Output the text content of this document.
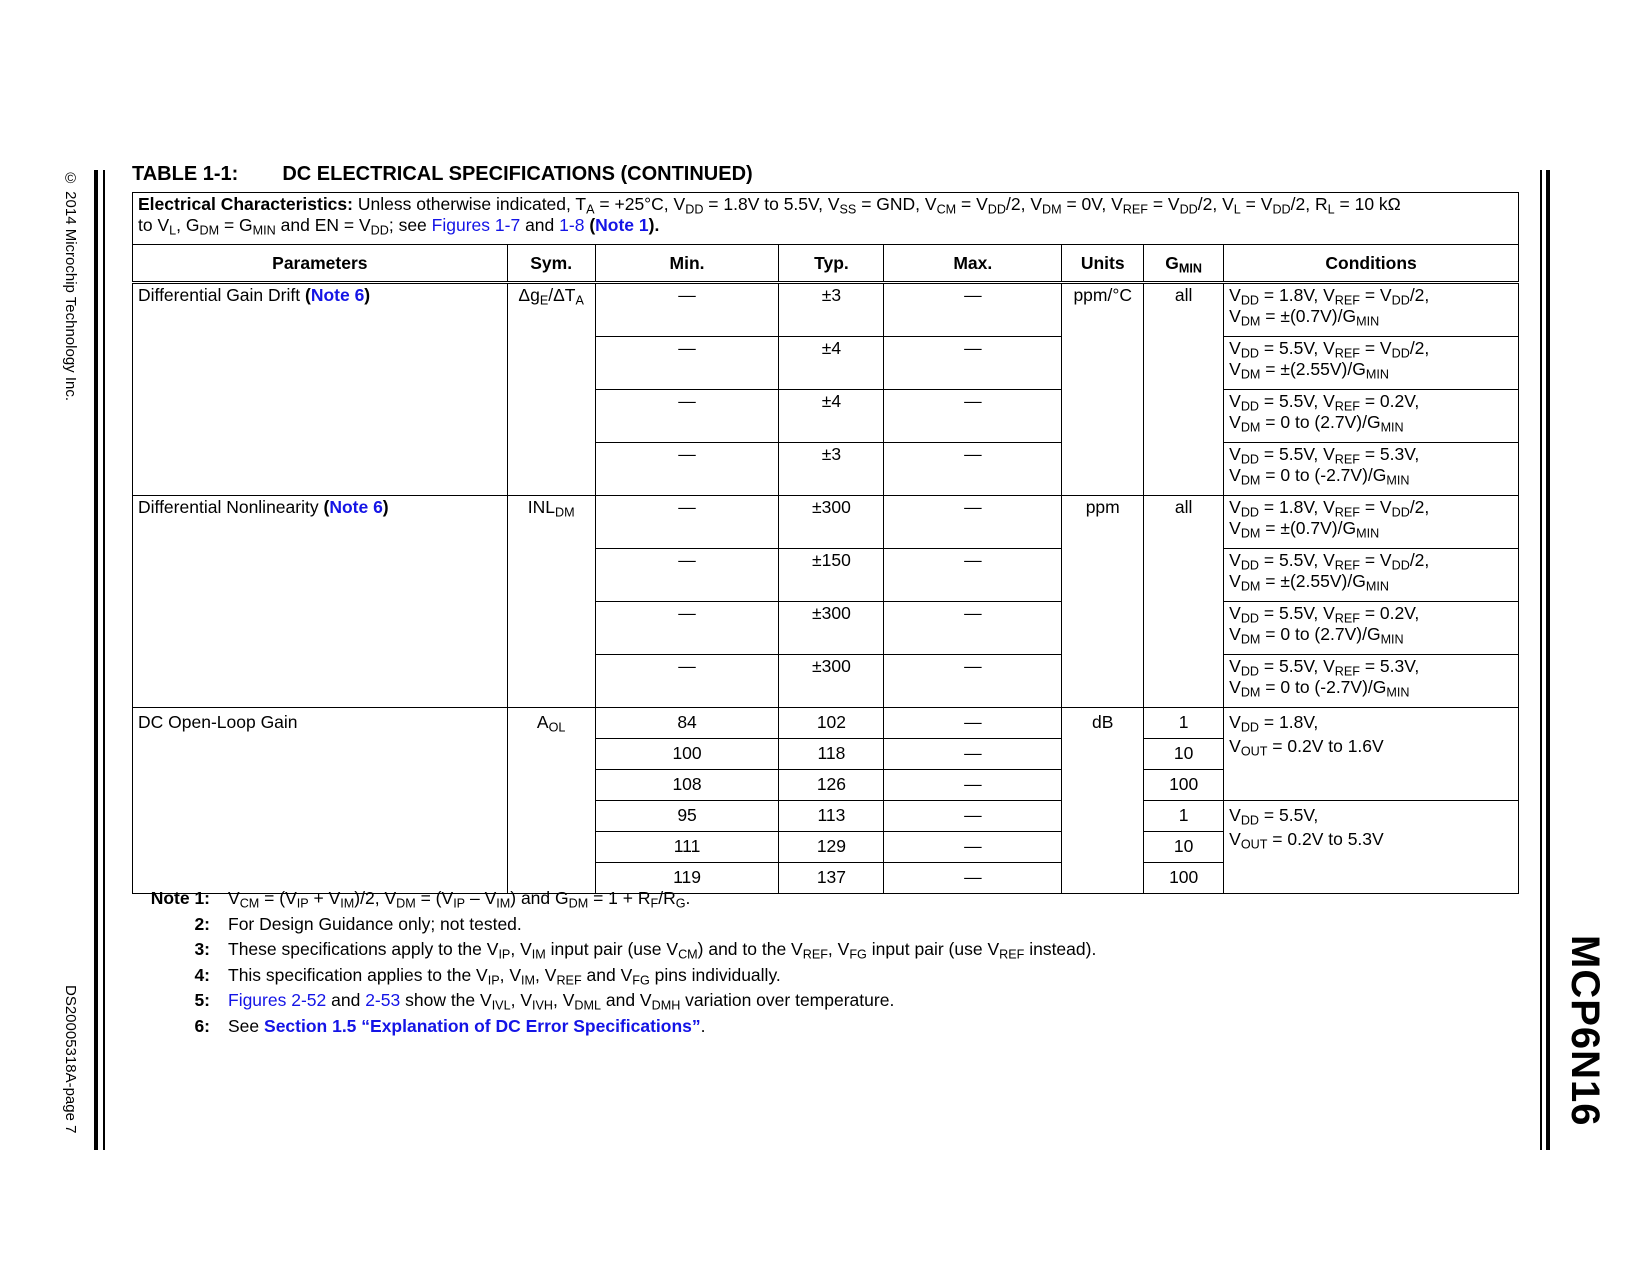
© 2014 Microchip Technology Inc.
DS20005318A-page 7	MCP6N16
TABLE 1-1: DC ELECTRICAL SPECIFICATIONS (CONTINUED)
Electrical Characteristics: Unless otherwise indicated, $T_A = +25^\circ C$, $V_{DD} = 1.8V$ to 5.5V, $V_{SS}$ = GND, $V_{CM} = V_{DD}/2$, $V_{DM} = 0V$, $V_{REF} = V_{DD}/2$, $V_L = V_{DD}/2$, $R_L = 10$ kΩ
to $V_L$, $G_{DM} = G_{MIN}$ and EN = $V_{DD}$; see Figures 1-7 and 1-8 (Note 1).							
Parameters	Sym.	Min.	Typ.	Max.	Units	$G_{MIN}$	Conditions
Differential Gain Drift (Note 6)	$\Delta g_E/\Delta T_A$	—	±3	—	ppm/°C	all	$V_{DD} = 1.8V$, $V_{REF} = V_{DD}/2$,
$V_{DM} = \pm(0.7V)/G_{MIN}$
		—	±4	—			$V_{DD} = 5.5V$, $V_{REF} = V_{DD}/2$,
$V_{DM} = \pm(2.55V)/G_{MIN}$
		—	±4	—			$V_{DD} = 5.5V$, $V_{REF} = 0.2V$,
$V_{DM} = 0$ to $(2.7V)/G_{MIN}$
		—	±3	—			$V_{DD} = 5.5V$, $V_{REF} = 5.3V$,
$V_{DM} = 0$ to $(-2.7V)/G_{MIN}$
Differential Nonlinearity (Note 6)	$INL_{DM}$	—	±300	—	ppm	all	$V_{DD} = 1.8V$, $V_{REF} = V_{DD}/2$,
$V_{DM} = \pm(0.7V)/G_{MIN}$
		—	±150	—			$V_{DD} = 5.5V$, $V_{REF} = V_{DD}/2$,
$V_{DM} = \pm(2.55V)/G_{MIN}$
		—	±300	—			$V_{DD} = 5.5V$, $V_{REF} = 0.2V$,
$V_{DM} = 0$ to $(2.7V)/G_{MIN}$
		—	±300	—			$V_{DD} = 5.5V$, $V_{REF} = 5.3V$,
$V_{DM} = 0$ to $(-2.7V)/G_{MIN}$
DC Open-Loop Gain	$A_{OL}$	84	102	—	dB	1	$V_{DD} = 1.8V$,
$V_{OUT} = 0.2V$ to 1.6V
		100	118	—		10	
		108	126	—		100	
		95	113	—		1	$V_{DD} = 5.5V$,
$V_{OUT} = 0.2V$ to 5.3V
		111	129	—		10	
		119	137	—		100	
Note 1: $V_{CM} = (V_{IP} + V_{IM})/2$, $V_{DM} = (V_{IP} - V_{IM})$ and $G_{DM} = 1 + R_F/R_G$.
2: For Design Guidance only; not tested.
3: These specifications apply to the $V_{IP}$, $V_{IM}$ input pair (use $V_{CM}$) and to the $V_{REF}$, $V_{FG}$ input pair (use $V_{REF}$ instead).
4: This specification applies to the $V_{IP}$, $V_{IM}$, $V_{REF}$ and $V_{FG}$ pins individually.
5: Figures 2-52 and 2-53 show the $V_{IVL}$, $V_{IVH}$, $V_{DML}$ and $V_{DMH}$ variation over temperature.
6: See Section 1.5 “Explanation of DC Error Specifications”.
